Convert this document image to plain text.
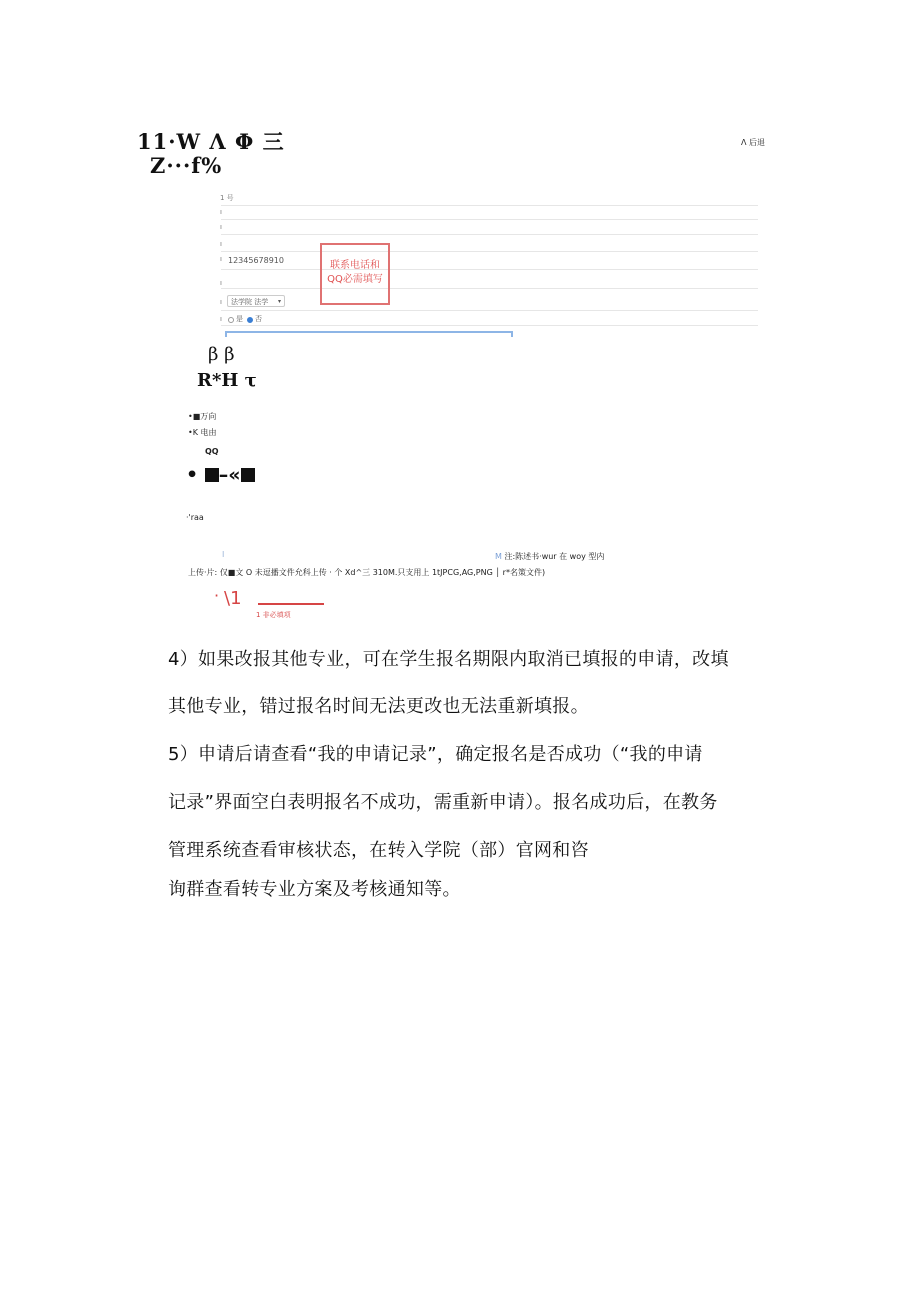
11·W Λ Φ 三
Z···f%
Λ 后退
1 号
ı
ı
ı
ı 12345678910
ı
ı	法学院 法学 ▾
ı 是 否
联系电话和
QQ必需填写
β β
R*H τ
•■万向
•K 电由
QQ
• –«
·'raa
I	M 注:陈述书·wur 在 woy 型内
上传·片: 仅■文 O 未逗播文件允科上传 · 个 Xd^三 310M.只支用上 1tJPCG,AG,PNG │ r*名策文件)
· \1
1 非必填项
4）如果改报其他专业，可在学生报名期限内取消已填报的申请，改填
其他专业，错过报名时间无法更改也无法重新填报。
5）申请后请查看“我的申请记录”，确定报名是否成功（“我的申请
记录”界面空白表明报名不成功，需重新申请）。报名成功后，在教务
管理系统查看审核状态，在转入学院（部）官网和咨
询群查看转专业方案及考核通知等。
